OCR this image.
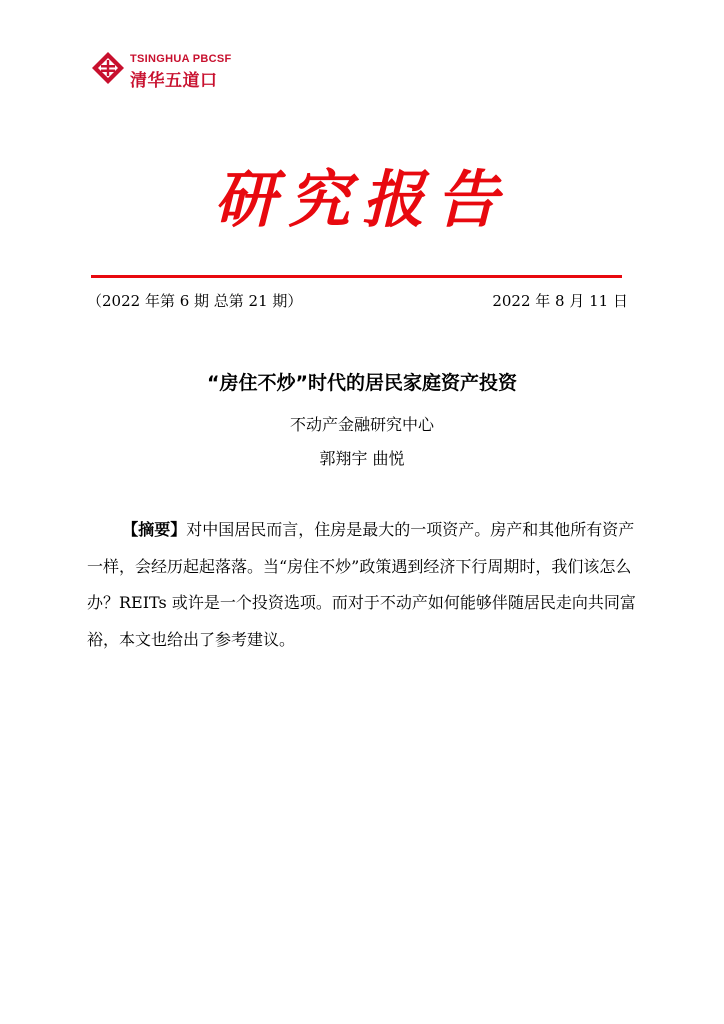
TSINGHUA PBCSF
清华五道口
研究报告
（2022 年第 6 期 总第 21 期）	2022 年 8 月 11 日
“房住不炒”时代的居民家庭资产投资
不动产金融研究中心
郭翔宇 曲悦
【摘要】对中国居民而言，住房是最大的一项资产。房产和其他所有资产一样，会经历起起落落。当“房住不炒”政策遇到经济下行周期时，我们该怎么办？REITs 或许是一个投资选项。而对于不动产如何能够伴随居民走向共同富裕，本文也给出了参考建议。
